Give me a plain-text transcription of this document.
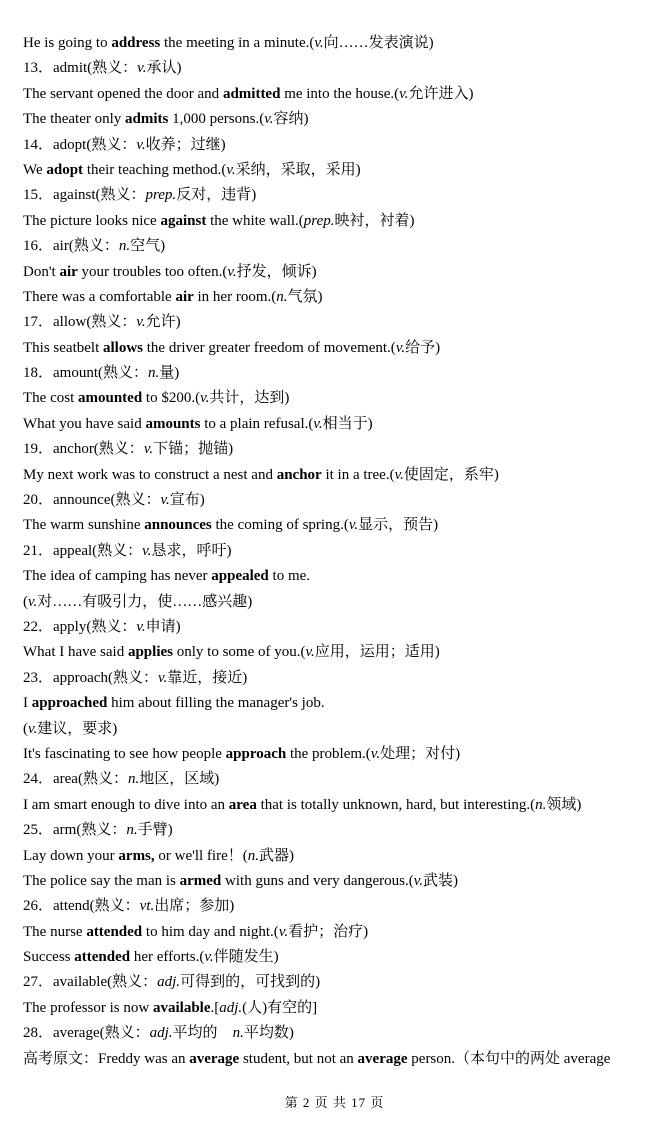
He is going to address the meeting in a minute.(v.向……发表演说)
13．admit(熟义：v.承认)
The servant opened the door and admitted me into the house.(v.允许进入)
The theater only admits 1,000 persons.(v.容纳)
14．adopt(熟义：v.收养；过继)
We adopt their teaching method.(v.采纳，采取，采用)
15．against(熟义：prep.反对，违背)
The picture looks nice against the white wall.(prep.映衬，衬着)
16．air(熟义：n.空气)
Don't air your troubles too often.(v.抒发，倾诉)
There was a comfortable air in her room.(n.气氛)
17．allow(熟义：v.允许)
This seatbelt allows the driver greater freedom of movement.(v.给予)
18．amount(熟义：n.量)
The cost amounted to $200.(v.共计，达到)
What you have said amounts to a plain refusal.(v.相当于)
19．anchor(熟义：v.下锚；抛锚)
My next work was to construct a nest and anchor it in a tree.(v.使固定，系牢)
20．announce(熟义：v.宣布)
The warm sunshine announces the coming of spring.(v.显示，预告)
21．appeal(熟义：v.恳求，呼吁)
The idea of camping has never appealed to me.
(v.对……有吸引力，使……感兴趣)
22．apply(熟义：v.申请)
What I have said applies only to some of you.(v.应用，运用；适用)
23．approach(熟义：v.靠近，接近)
I approached him about filling the manager's job.
(v.建议，要求)
It's fascinating to see how people approach the problem.(v.处理；对付)
24．area(熟义：n.地区，区域)
I am smart enough to dive into an area that is totally unknown, hard, but interesting.(n.领域)
25．arm(熟义：n.手臂)
Lay down your arms, or we'll fire！(n.武器)
The police say the man is armed with guns and very dangerous.(v.武装)
26．attend(熟义：vt.出席；参加)
The nurse attended to him day and night.(v.看护；治疗)
Success attended her efforts.(v.伴随发生)
27．available(熟义：adj.可得到的，可找到的)
The professor is now available.[adj.(人)有空的]
28．average(熟义：adj.平均的　n.平均数)
高考原文：Freddy was an average student, but not an average person.（本句中的两处 average
第 2 页 共 17 页
